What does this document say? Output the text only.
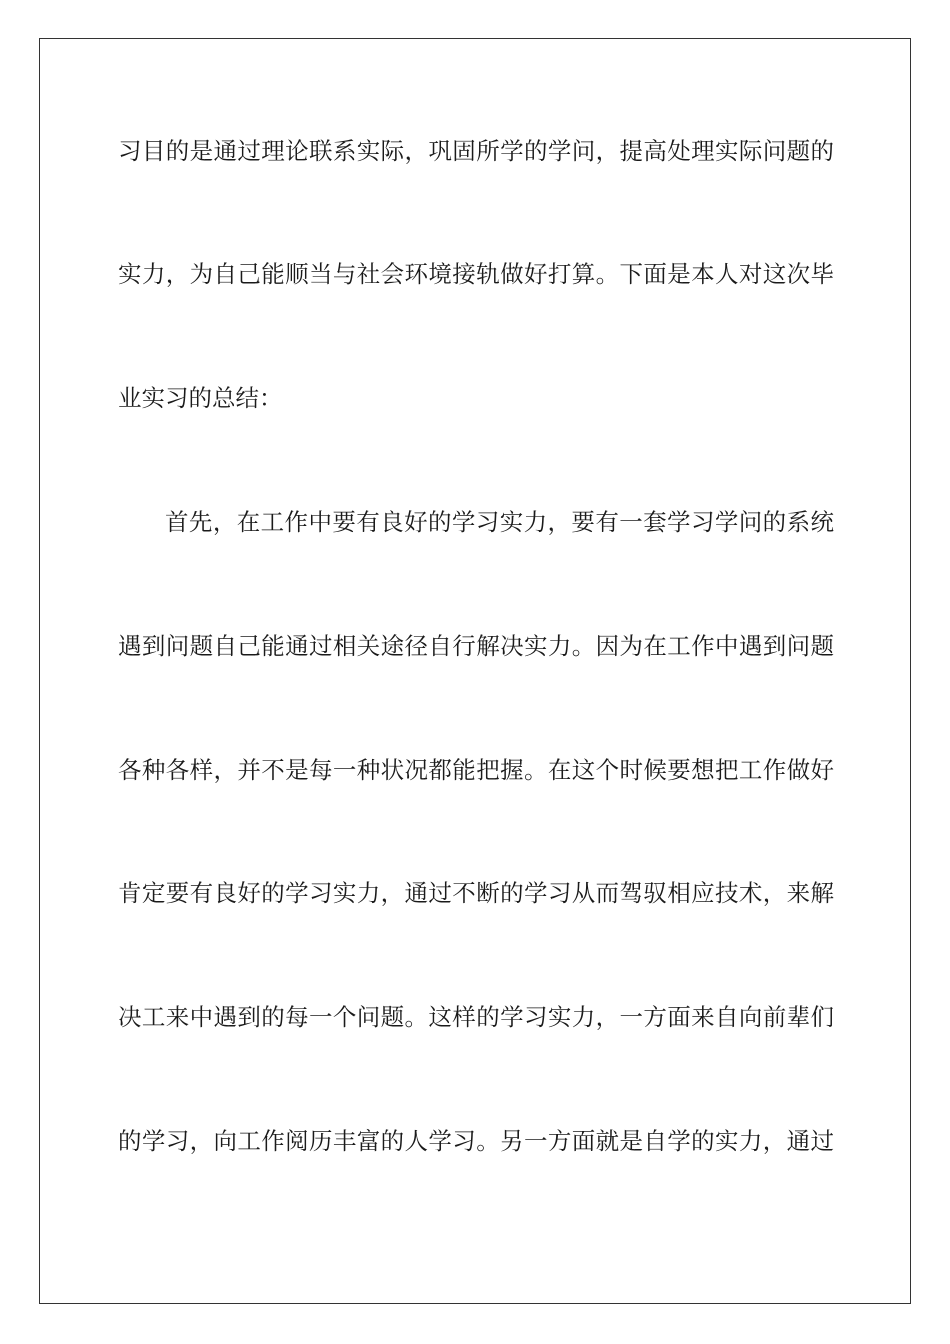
习目的是通过理论联系实际，巩固所学的学问，提高处理实际问题的
实力，为自己能顺当与社会环境接轨做好打算。下面是本人对这次毕
业实习的总结：
首先，在工作中要有良好的学习实力，要有一套学习学问的系统
遇到问题自己能通过相关途径自行解决实力。因为在工作中遇到问题
各种各样，并不是每一种状况都能把握。在这个时候要想把工作做好
肯定要有良好的学习实力，通过不断的学习从而驾驭相应技术，来解
决工来中遇到的每一个问题。这样的学习实力，一方面来自向前辈们
的学习，向工作阅历丰富的人学习。另一方面就是自学的实力，通过
